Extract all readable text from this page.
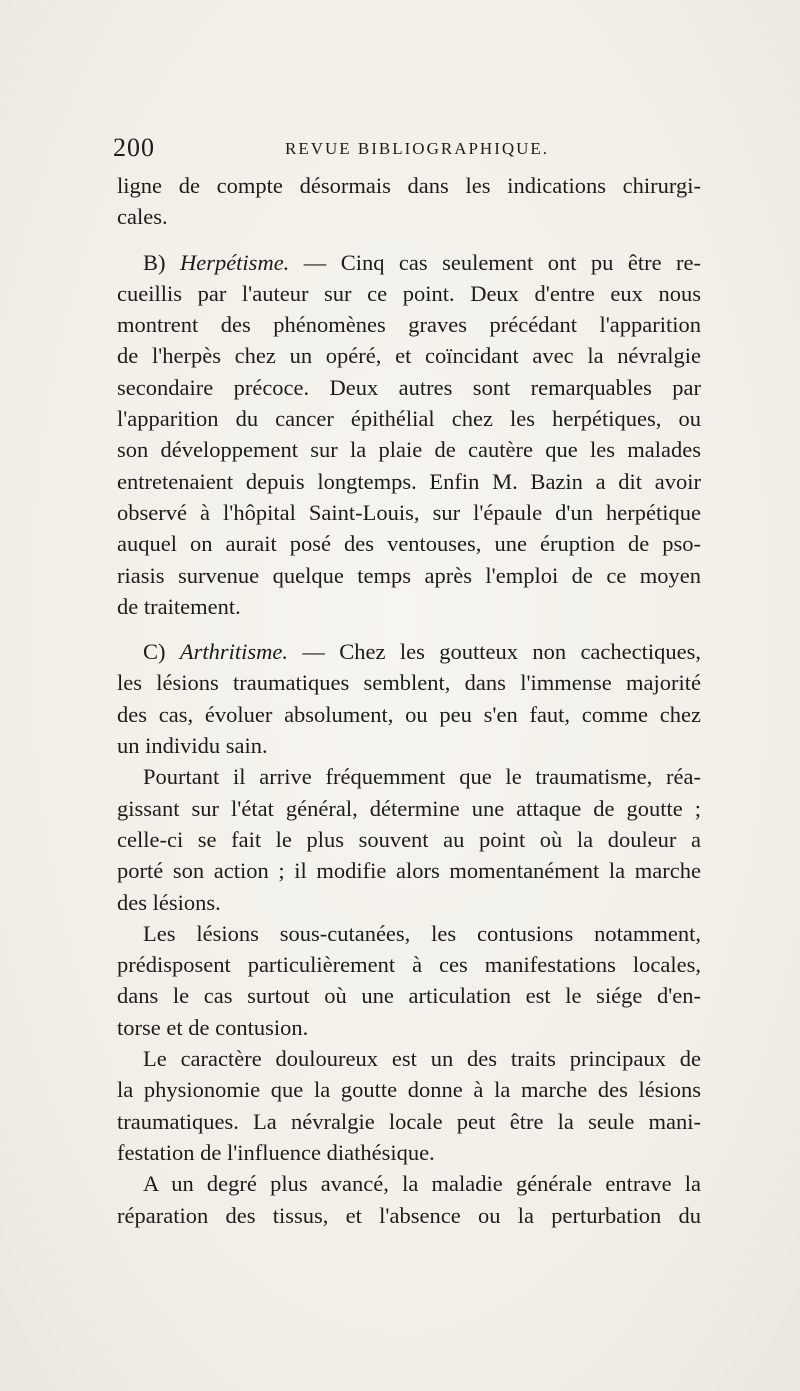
200	REVUE BIBLIOGRAPHIQUE.
ligne de compte désormais dans les indications chirurgi-
cales.
B) Herpétisme. — Cinq cas seulement ont pu être re-
cueillis par l'auteur sur ce point. Deux d'entre eux nous
montrent des phénomènes graves précédant l'apparition
de l'herpès chez un opéré, et coïncidant avec la névralgie
secondaire précoce. Deux autres sont remarquables par
l'apparition du cancer épithélial chez les herpétiques, ou
son développement sur la plaie de cautère que les malades
entretenaient depuis longtemps. Enfin M. Bazin a dit avoir
observé à l'hôpital Saint-Louis, sur l'épaule d'un herpétique
auquel on aurait posé des ventouses, une éruption de pso-
riasis survenue quelque temps après l'emploi de ce moyen
de traitement.
C) Arthritisme. — Chez les goutteux non cachectiques,
les lésions traumatiques semblent, dans l'immense majorité
des cas, évoluer absolument, ou peu s'en faut, comme chez
un individu sain.
Pourtant il arrive fréquemment que le traumatisme, réa-
gissant sur l'état général, détermine une attaque de goutte ;
celle-ci se fait le plus souvent au point où la douleur a
porté son action ; il modifie alors momentanément la marche
des lésions.
Les lésions sous-cutanées, les contusions notamment,
prédisposent particulièrement à ces manifestations locales,
dans le cas surtout où une articulation est le siége d'en-
torse et de contusion.
Le caractère douloureux est un des traits principaux de
la physionomie que la goutte donne à la marche des lésions
traumatiques. La névralgie locale peut être la seule mani-
festation de l'influence diathésique.
A un degré plus avancé, la maladie générale entrave la
réparation des tissus, et l'absence ou la perturbation du
